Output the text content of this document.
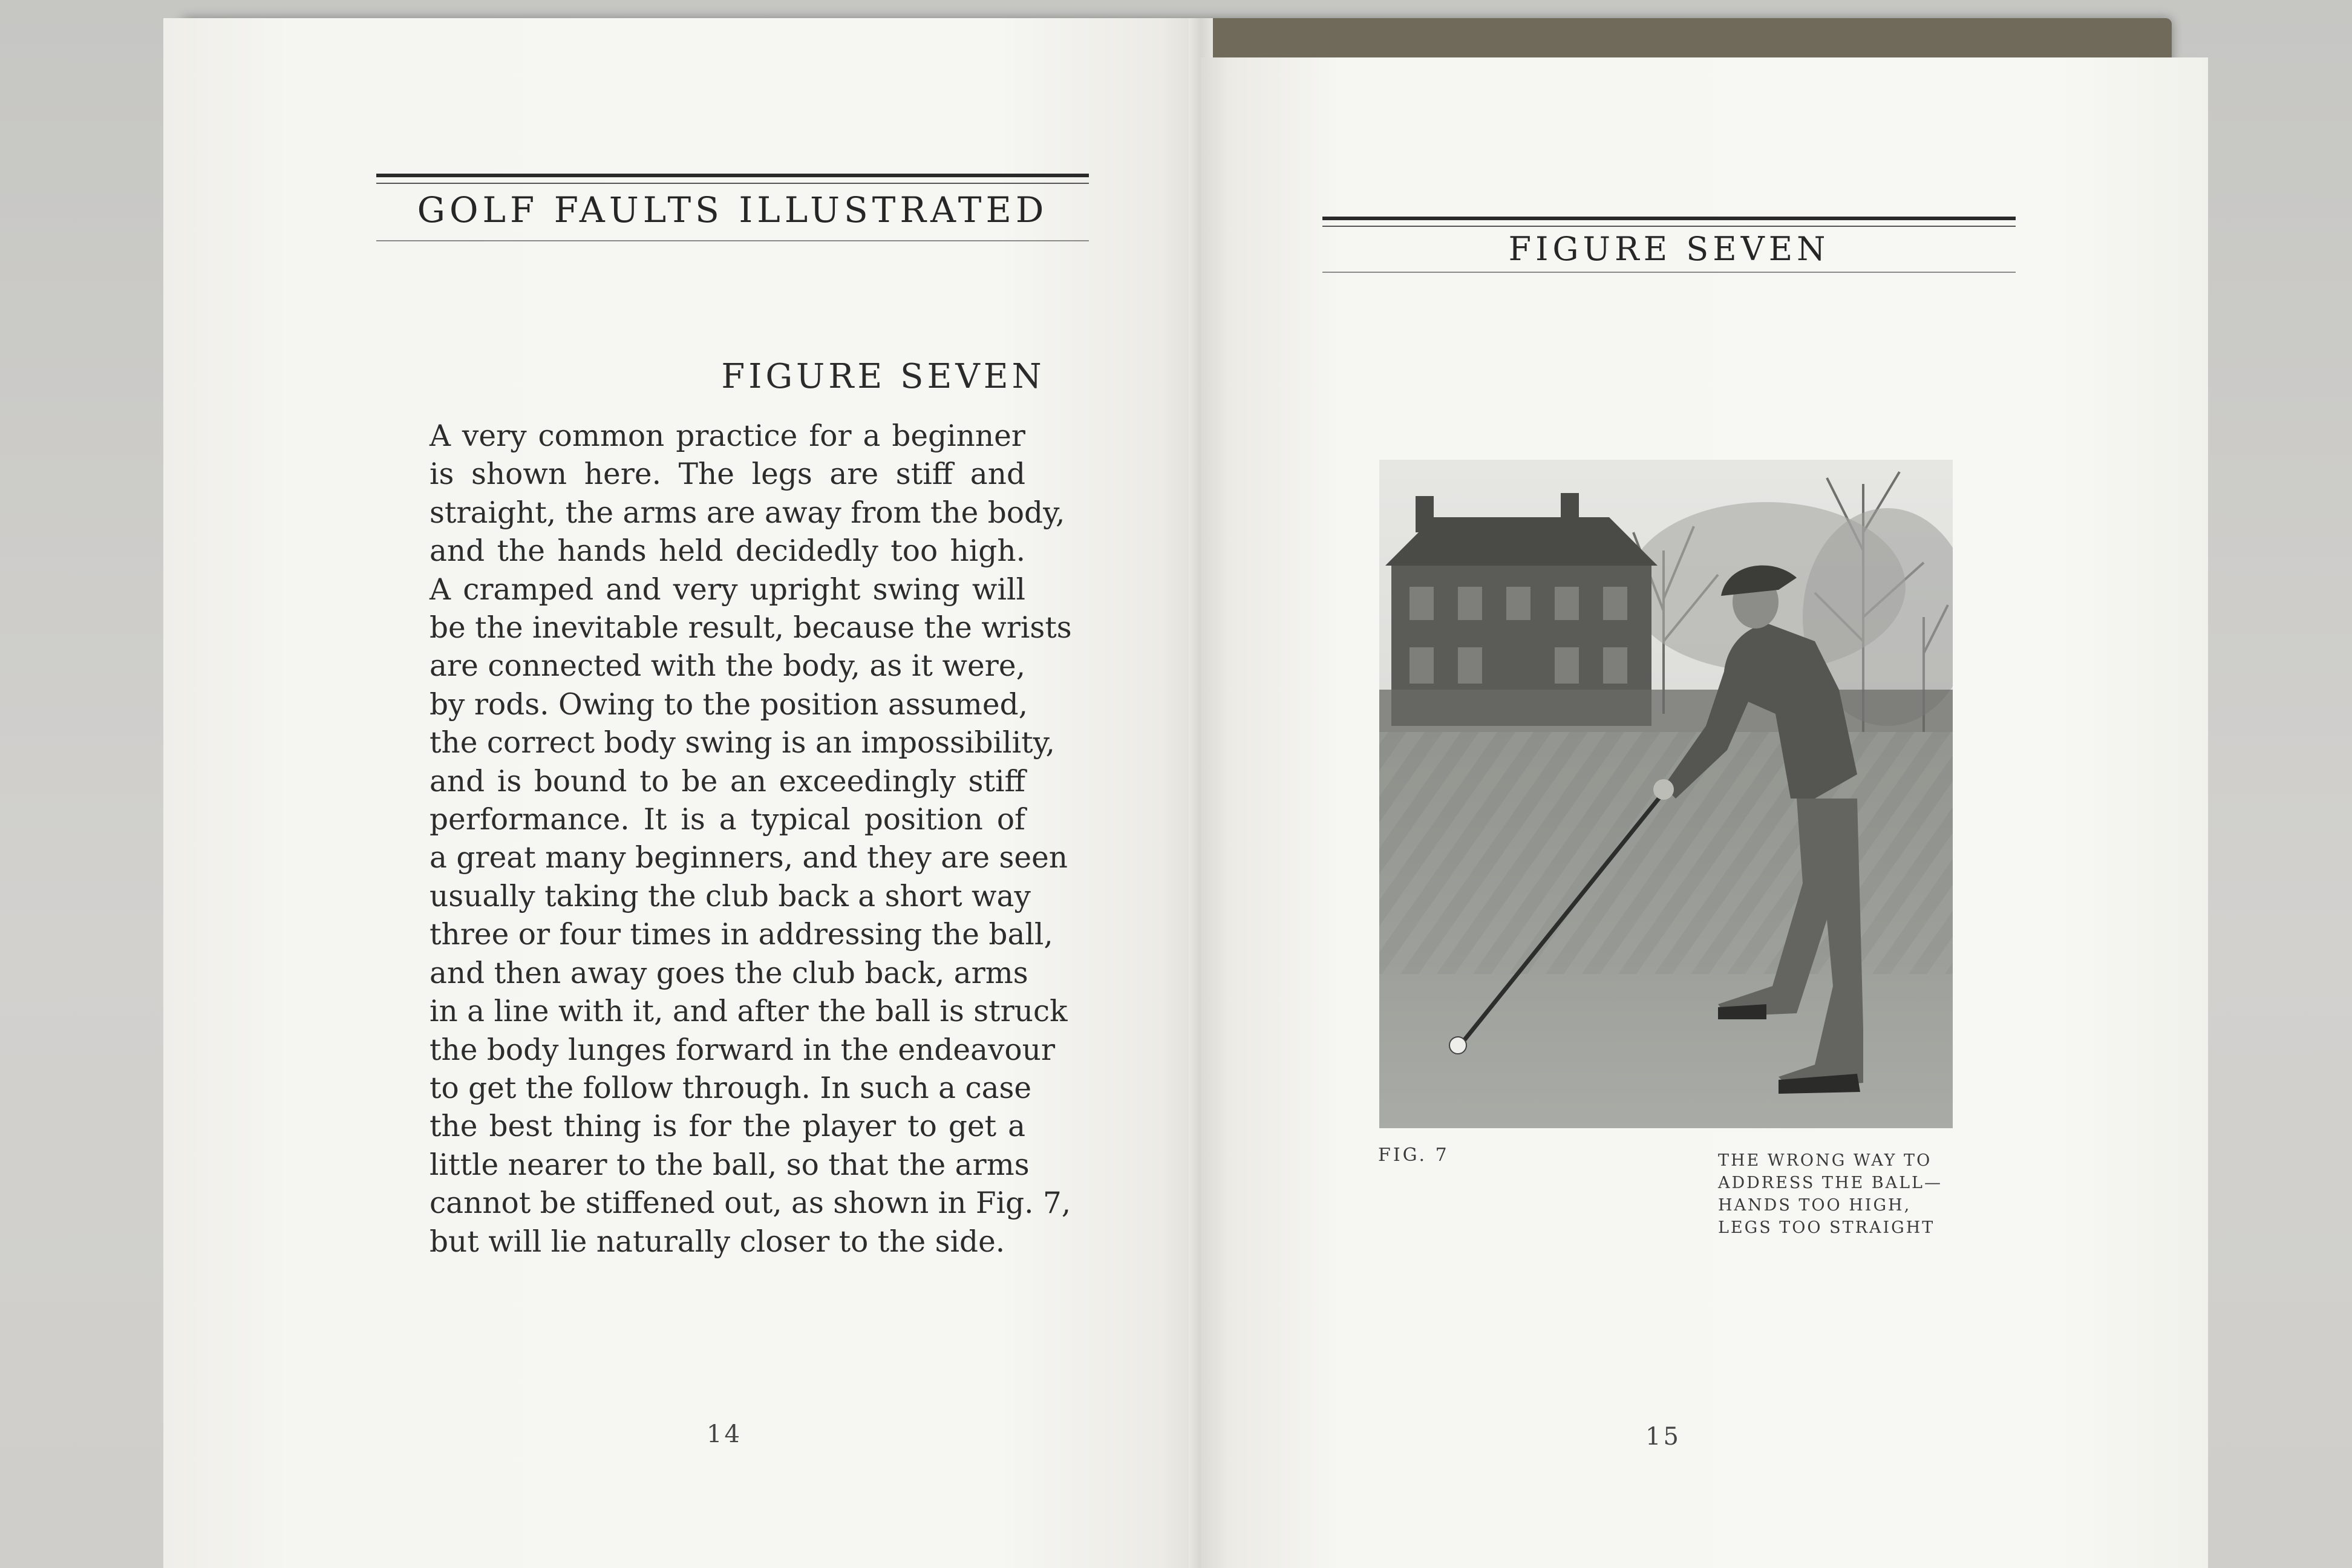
GOLF FAULTS ILLUSTRATED
FIGURE SEVEN
A very common practice for a beginner
is shown here. The legs are stiff and
straight, the arms are away from the body,
and the hands held decidedly too high.
A cramped and very upright swing will
be the inevitable result, because the wrists
are connected with the body, as it were,
by rods. Owing to the position assumed,
the correct body swing is an impossibility,
and is bound to be an exceedingly stiff
performance. It is a typical position of
a great many beginners, and they are seen
usually taking the club back a short way
three or four times in addressing the ball,
and then away goes the club back, arms
in a line with it, and after the ball is struck
the body lunges forward in the endeavour
to get the follow through. In such a case
the best thing is for the player to get a
little nearer to the ball, so that the arms
cannot be stiffened out, as shown in Fig. 7,
but will lie naturally closer to the side.
14
FIGURE SEVEN
FIG. 7	THE WRONG WAY TO
ADDRESS THE BALL—
HANDS TOO HIGH,
LEGS TOO STRAIGHT
15
